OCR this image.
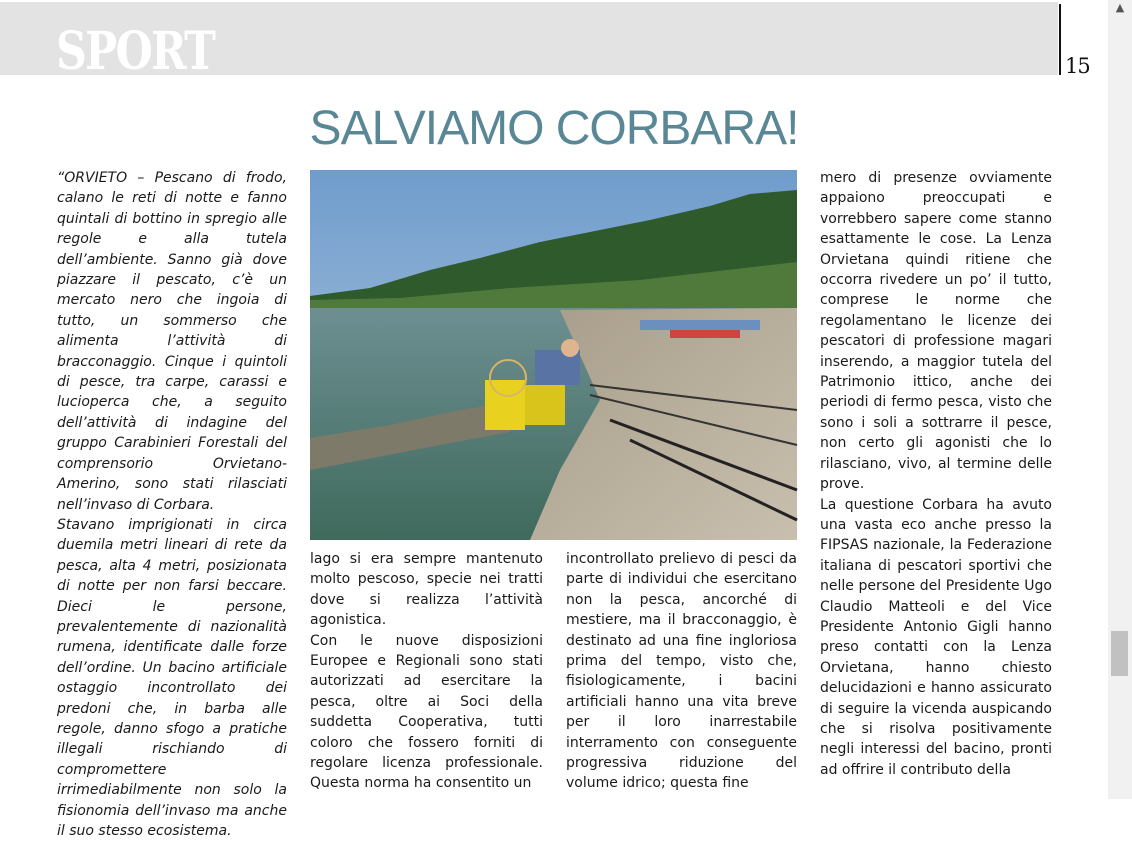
SPORT	15
SALVIAMO CORBARA!

“ORVIETO – Pescano di frodo, calano le reti di notte e fanno quintali di bottino in spregio alle regole e alla tutela dell’ambiente. Sanno già dove piazzare il pescato, c’è un mercato nero che ingoia di tutto, un sommerso che alimenta l’attività di bracconaggio. Cinque i quintoli di pesce, tra carpe, carassi e lucioperca che, a seguito dell’attività di indagine del gruppo Carabinieri Forestali del comprensorio Orvietano-Amerino, sono stati rilasciati nell’invaso di Corbara.

Stavano imprigionati in circa duemila metri lineari di rete da pesca, alta 4 metri, posizionata di notte per non farsi beccare. Dieci le persone, prevalentemente di nazionalità rumena, identificate dalle forze dell’ordine. Un bacino artificiale ostaggio incontrollato dei predoni che, in barba alle regole, danno sfogo a pratiche illegali rischiando di compromettere irrimediabilmente non solo la fisionomia dell’invaso ma anche il suo stesso ecosistema.

lago si era sempre mantenuto molto pescoso, specie nei tratti dove si realizza l’attività agonistica.

Con le nuove disposizioni Europee e Regionali sono stati autorizzati ad esercitare la pesca, oltre ai Soci della suddetta Cooperativa, tutti coloro che fossero forniti di regolare licenza professionale. Questa norma ha consentito un

incontrollato prelievo di pesci da parte di individui che esercitano non la pesca, ancorché di mestiere, ma il bracconaggio, è destinato ad una fine ingloriosa prima del tempo, visto che, fisiologicamente, i bacini artificiali hanno una vita breve per il loro inarrestabile interramento con conseguente progressiva riduzione del volume idrico; questa fine

mero di presenze ovviamente appaiono preoccupati e vorrebbero sapere come stanno esattamente le cose. La Lenza Orvietana quindi ritiene che occorra rivedere un po’ il tutto, comprese le norme che regolamentano le licenze dei pescatori di professione magari inserendo, a maggior tutela del Patrimonio ittico, anche dei periodi di fermo pesca, visto che sono i soli a sottrarre il pesce, non certo gli agonisti che lo rilasciano, vivo, al termine delle prove.

La questione Corbara ha avuto una vasta eco anche presso la FIPSAS nazionale, la Federazione italiana di pescatori sportivi che nelle persone del Presidente Ugo Claudio Matteoli e del Vice Presidente Antonio Gigli hanno preso contatti con la Lenza Orvietana, hanno chiesto delucidazioni e hanno assicurato di seguire la vicenda auspicando che si risolva positivamente negli interessi del bacino, pronti ad offrire il contributo della

▲
